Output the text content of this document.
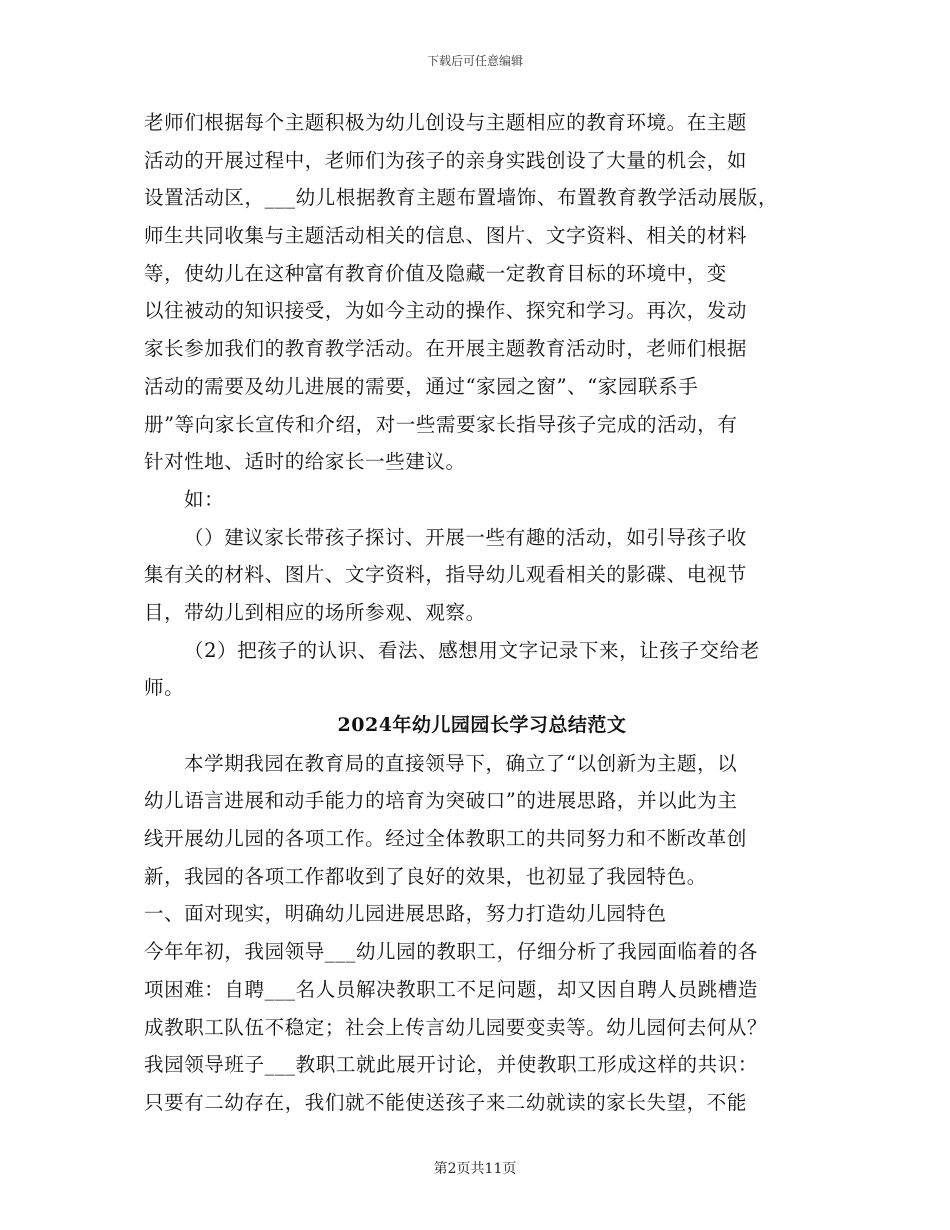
下载后可任意编辑
老师们根据每个主题积极为幼儿创设与主题相应的教育环境。在主题
活动的开展过程中，老师们为孩子的亲身实践创设了大量的机会，如
设置活动区，___幼儿根据教育主题布置墙饰、布置教育教学活动展版，
师生共同收集与主题活动相关的信息、图片、文字资料、相关的材料
等，使幼儿在这种富有教育价值及隐藏一定教育目标的环境中，变
以往被动的知识接受，为如今主动的操作、探究和学习。再次，发动
家长参加我们的教育教学活动。在开展主题教育活动时，老师们根据
活动的需要及幼儿进展的需要，通过“家园之窗”、“家园联系手
册”等向家长宣传和介绍，对一些需要家长指导孩子完成的活动，有
针对性地、适时的给家长一些建议。
如：
（）建议家长带孩子探讨、开展一些有趣的活动，如引导孩子收
集有关的材料、图片、文字资料，指导幼儿观看相关的影碟、电视节
目，带幼儿到相应的场所参观、观察。
（2）把孩子的认识、看法、感想用文字记录下来，让孩子交给老
师。
2024年幼儿园园长学习总结范文
本学期我园在教育局的直接领导下，确立了“以创新为主题，以
幼儿语言进展和动手能力的培育为突破口”的进展思路，并以此为主
线开展幼儿园的各项工作。经过全体教职工的共同努力和不断改革创
新，我园的各项工作都收到了良好的效果，也初显了我园特色。
一、面对现实，明确幼儿园进展思路，努力打造幼儿园特色
今年年初，我园领导___幼儿园的教职工，仔细分析了我园面临着的各
项困难：自聘___名人员解决教职工不足问题，却又因自聘人员跳槽造
成教职工队伍不稳定；社会上传言幼儿园要变卖等。幼儿园何去何从？
我园领导班子___教职工就此展开讨论，并使教职工形成这样的共识：
只要有二幼存在，我们就不能使送孩子来二幼就读的家长失望，不能
第2页共11页
